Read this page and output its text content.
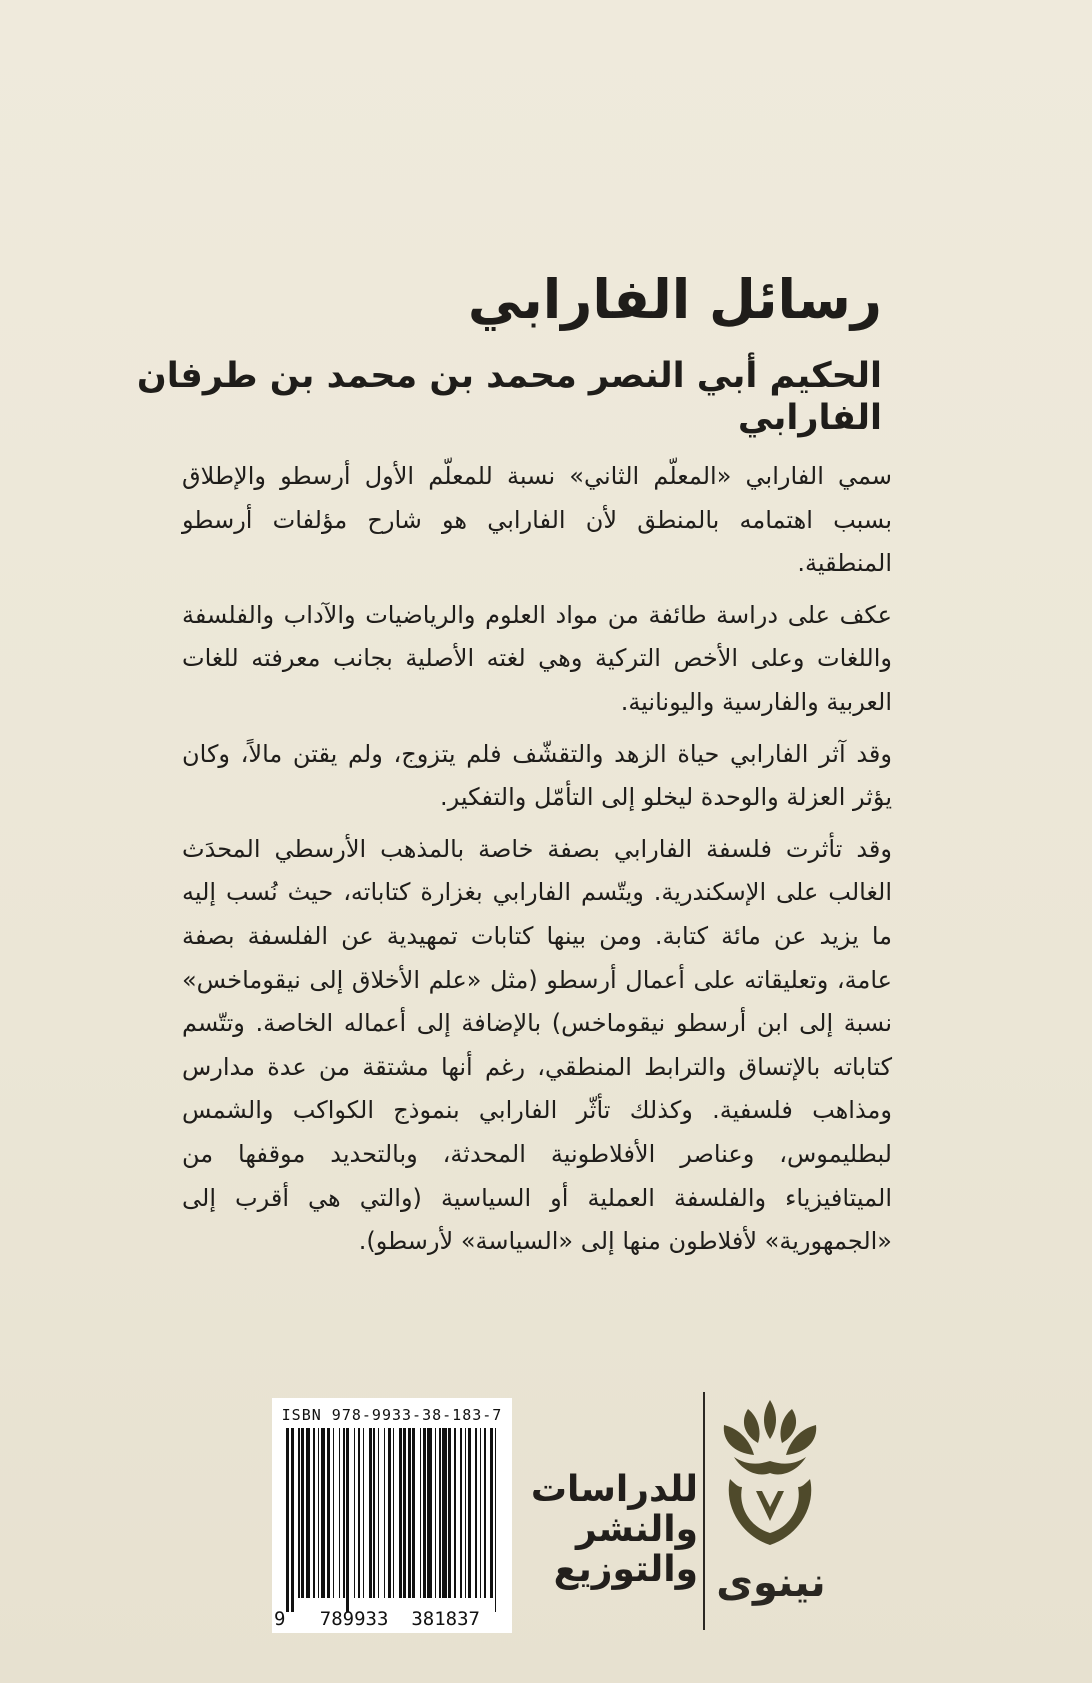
رسائل الفارابي
الحكيم أبي النصر محمد بن محمد بن طرفان الفارابي

سمي الفارابي «المعلّم الثاني» نسبة للمعلّم الأول أرسطو والإطلاق بسبب اهتمامه بالمنطق لأن الفارابي هو شارح مؤلفات أرسطو المنطقية.

عكف على دراسة طائفة من مواد العلوم والرياضيات والآداب والفلسفة واللغات وعلى الأخص التركية وهي لغته الأصلية بجانب معرفته للغات العربية والفارسية واليونانية.

وقد آثر الفارابي حياة الزهد والتقشّف فلم يتزوج، ولم يقتن مالاً، وكان يؤثر العزلة والوحدة ليخلو إلى التأمّل والتفكير.

وقد تأثرت فلسفة الفارابي بصفة خاصة بالمذهب الأرسطي المحدَث الغالب على الإسكندرية. ويتّسم الفارابي بغزارة كتاباته، حيث نُسب إليه ما يزيد عن مائة كتابة. ومن بينها كتابات تمهيدية عن الفلسفة بصفة عامة، وتعليقاته على أعمال أرسطو (مثل «علم الأخلاق إلى نيقوماخس» نسبة إلى ابن أرسطو نيقوماخس) بالإضافة إلى أعماله الخاصة. وتتّسم كتاباته بالإتساق والترابط المنطقي، رغم أنها مشتقة من عدة مدارس ومذاهب فلسفية. وكذلك تأثّر الفارابي بنموذج الكواكب والشمس لبطليموس، وعناصر الأفلاطونية المحدثة، وبالتحديد موقفها من الميتافيزياء والفلسفة العملية أو السياسية (والتي هي أقرب إلى «الجمهورية» لأفلاطون منها إلى «السياسة» لأرسطو).

ISBN 978-9933-38-183-7
9 789933 381837
للدراسات
والنشر
والتوزيع نينوى
